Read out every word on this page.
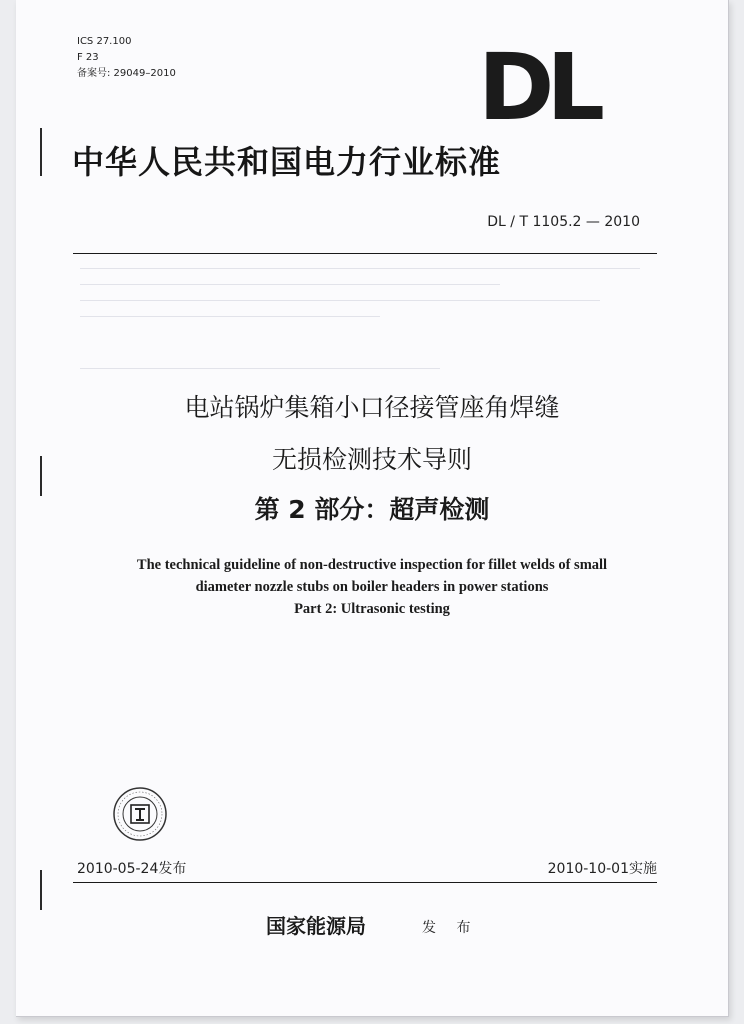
ICS 27.100
F 23
备案号: 29049–2010	DL
中华人民共和国电力行业标准
DL / T 1105.2 — 2010
电站锅炉集箱小口径接管座角焊缝
无损检测技术导则
第 2 部分：超声检测
The technical guideline of non-destructive inspection for fillet welds of small
diameter nozzle stubs on boiler headers in power stations
Part 2: Ultrasonic testing
2010-05-24发布	2010-10-01实施
国家能源局	发 布
